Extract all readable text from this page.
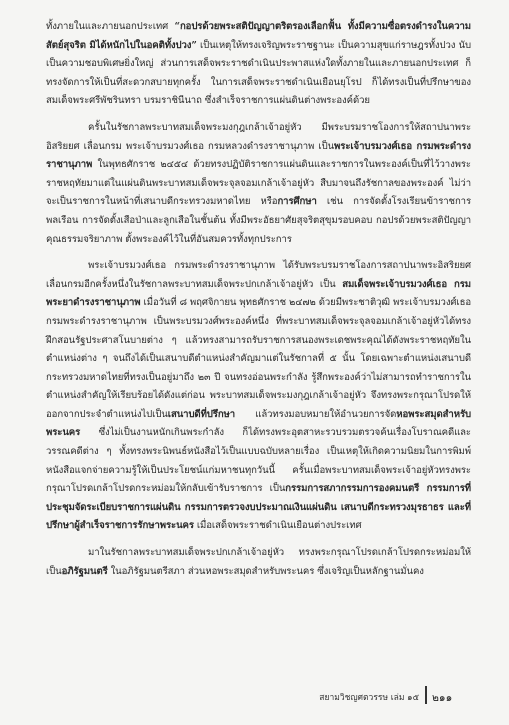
ทั้งภายในและภายนอกประเทศ “กอปรด้วยพระสติปัญญาตริตรองเลือกฟั้น ทั้งมีความซื่อตรงดำรงในความสัตย์สุจริต มิได้หนักไปในอคติทั้งปวง” เป็นเหตุให้ทรงเจริญพระราชฐานะ เป็นความสุขแก่ราษฎรทั้งปวง นับเป็นความชอบพิเศษยิ่งใหญ่ ส่วนการเสด็จพระราชดำเนินประพาสแห่งใดทั้งภายในและภายนอกประเทศ ก็ทรงจัดการให้เป็นที่สะดวกสบายทุกครั้ง ในการเสด็จพระราชดำเนินเยือนยุโรป ก็ได้ทรงเป็นที่ปรึกษาของสมเด็จพระศรีพัชรินทรา บรมราชินีนาถ ซึ่งสำเร็จราชการแผ่นดินต่างพระองค์ด้วย

ครั้นในรัชกาลพระบาทสมเด็จพระมงกุฎเกล้าเจ้าอยู่หัว มีพระบรมราชโองการให้สถาปนาพระอิสริยยศ เลื่อนกรม พระเจ้าบรมวงศ์เธอ กรมหลวงดำรงราชานุภาพ เป็นพระเจ้าบรมวงศ์เธอ กรมพระดำรงราชานุภาพ ในพุทธศักราช ๒๔๕๔ ด้วยทรงปฏิบัติราชการแผ่นดินและราชการในพระองค์เป็นที่ไว้วางพระราชหฤทัยมาแต่ในแผ่นดินพระบาทสมเด็จพระจุลจอมเกล้าเจ้าอยู่หัว สืบมาจนถึงรัชกาลของพระองค์ ไม่ว่าจะเป็นราชการในหน้าที่เสนาบดีกระทรวงมหาดไทย หรือการศึกษา เช่น การจัดตั้งโรงเรียนข้าราชการพลเรือน การจัดตั้งเสือป่าและลูกเสือในชั้นต้น ทั้งมีพระอัธยาศัยสุจริตสุขุมรอบคอบ กอปรด้วยพระสติปัญญา คุณธรรมจริยาภาพ ตั้งพระองค์ไว้ในที่อันสมควรทั้งทุกประการ

พระเจ้าบรมวงศ์เธอ กรมพระดำรงราชานุภาพ ได้รับพระบรมราชโองการสถาปนาพระอิสริยยศ เลื่อนกรมอีกครั้งหนึ่งในรัชกาลพระบาทสมเด็จพระปกเกล้าเจ้าอยู่หัว เป็น สมเด็จพระเจ้าบรมวงศ์เธอ กรมพระยาดำรงราชานุภาพ เมื่อวันที่ ๘ พฤศจิกายน พุทธศักราช ๒๔๗๒ ด้วยมีพระชาติวุฒิ พระเจ้าบรมวงศ์เธอ กรมพระดำรงราชานุภาพ เป็นพระบรมวงศ์พระองค์หนึ่ง ที่พระบาทสมเด็จพระจุลจอมเกล้าเจ้าอยู่หัวได้ทรงฝึกสอนรัฐประศาสโนบายต่าง ๆ แล้วทรงสามารถรับราชการสนองพระเดชพระคุณได้ดังพระราชหฤทัยในตำแหน่งต่าง ๆ จนถึงได้เป็นเสนาบดีตำแหน่งสำคัญมาแต่ในรัชกาลที่ ๕ นั้น โดยเฉพาะตำแหน่งเสนาบดีกระทรวงมหาดไทยที่ทรงเป็นอยู่มาถึง ๒๓ ปี จนทรงอ่อนพระกำลัง รู้สึกพระองค์ว่าไม่สามารถทำราชการในตำแหน่งสำคัญให้เรียบร้อยได้ดังแต่ก่อน พระบาทสมเด็จพระมงกุฎเกล้าเจ้าอยู่หัว จึงทรงพระกรุณาโปรดให้ออกจากประจำตำแหน่งไปเป็นเสนาบดีที่ปรึกษา แล้วทรงมอบหมายให้อำนวยการจัดหอพระสมุดสำหรับพระนคร ซึ่งไม่เป็นงานหนักเกินพระกำลัง ก็ได้ทรงพระอุตสาหะรวบรวมตรวจค้นเรื่องโบราณคดีและวรรณคดีต่าง ๆ ทั้งทรงพระนิพนธ์หนังสือไว้เป็นแบบฉบับหลายเรื่อง เป็นเหตุให้เกิดความนิยมในการพิมพ์หนังสือแจกจ่ายความรู้ให้เป็นประโยชน์แก่มหาชนทุกวันนี้ ครั้นเมื่อพระบาทสมเด็จพระเจ้าอยู่หัวทรงพระกรุณาโปรดเกล้าโปรดกระหม่อมให้กลับเข้ารับราชการ เป็นกรรมการสภากรรมการองคมนตรี กรรมการที่ประชุมจัดระเบียบราชการแผ่นดิน กรรมการตรวจงบประมาณเงินแผ่นดิน เสนาบดีกระทรวงมุรธาธร และที่ปรึกษาผู้สำเร็จราชการรักษาพระนคร เมื่อเสด็จพระราชดำเนินเยือนต่างประเทศ

มาในรัชกาลพระบาทสมเด็จพระปกเกล้าเจ้าอยู่หัว ทรงพระกรุณาโปรดเกล้าโปรดกระหม่อมให้เป็นอภิรัฐมนตรี ในอภิรัฐมนตรีสภา ส่วนหอพระสมุดสำหรับพระนคร ซึ่งเจริญเป็นหลักฐานมั่นคง

สยามวิชญศตวรรษ เล่ม ๑๕ ๒๑๑
